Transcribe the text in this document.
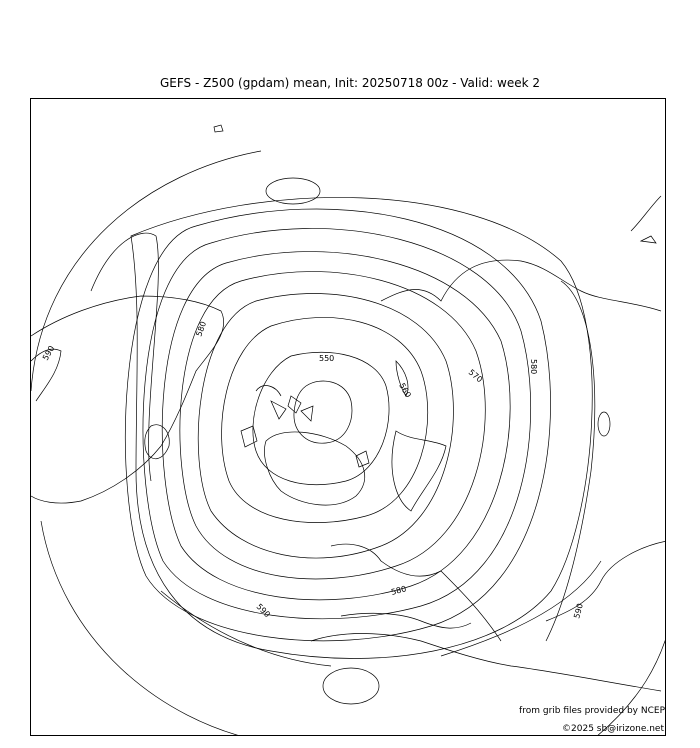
GEFS - Z500 (gpdam) mean, Init: 20250718 00z - Valid: week 2
550
560
570
580
580
580
590
590	590
from grib files provided by NCEP
©2025 sb@irizone.net
